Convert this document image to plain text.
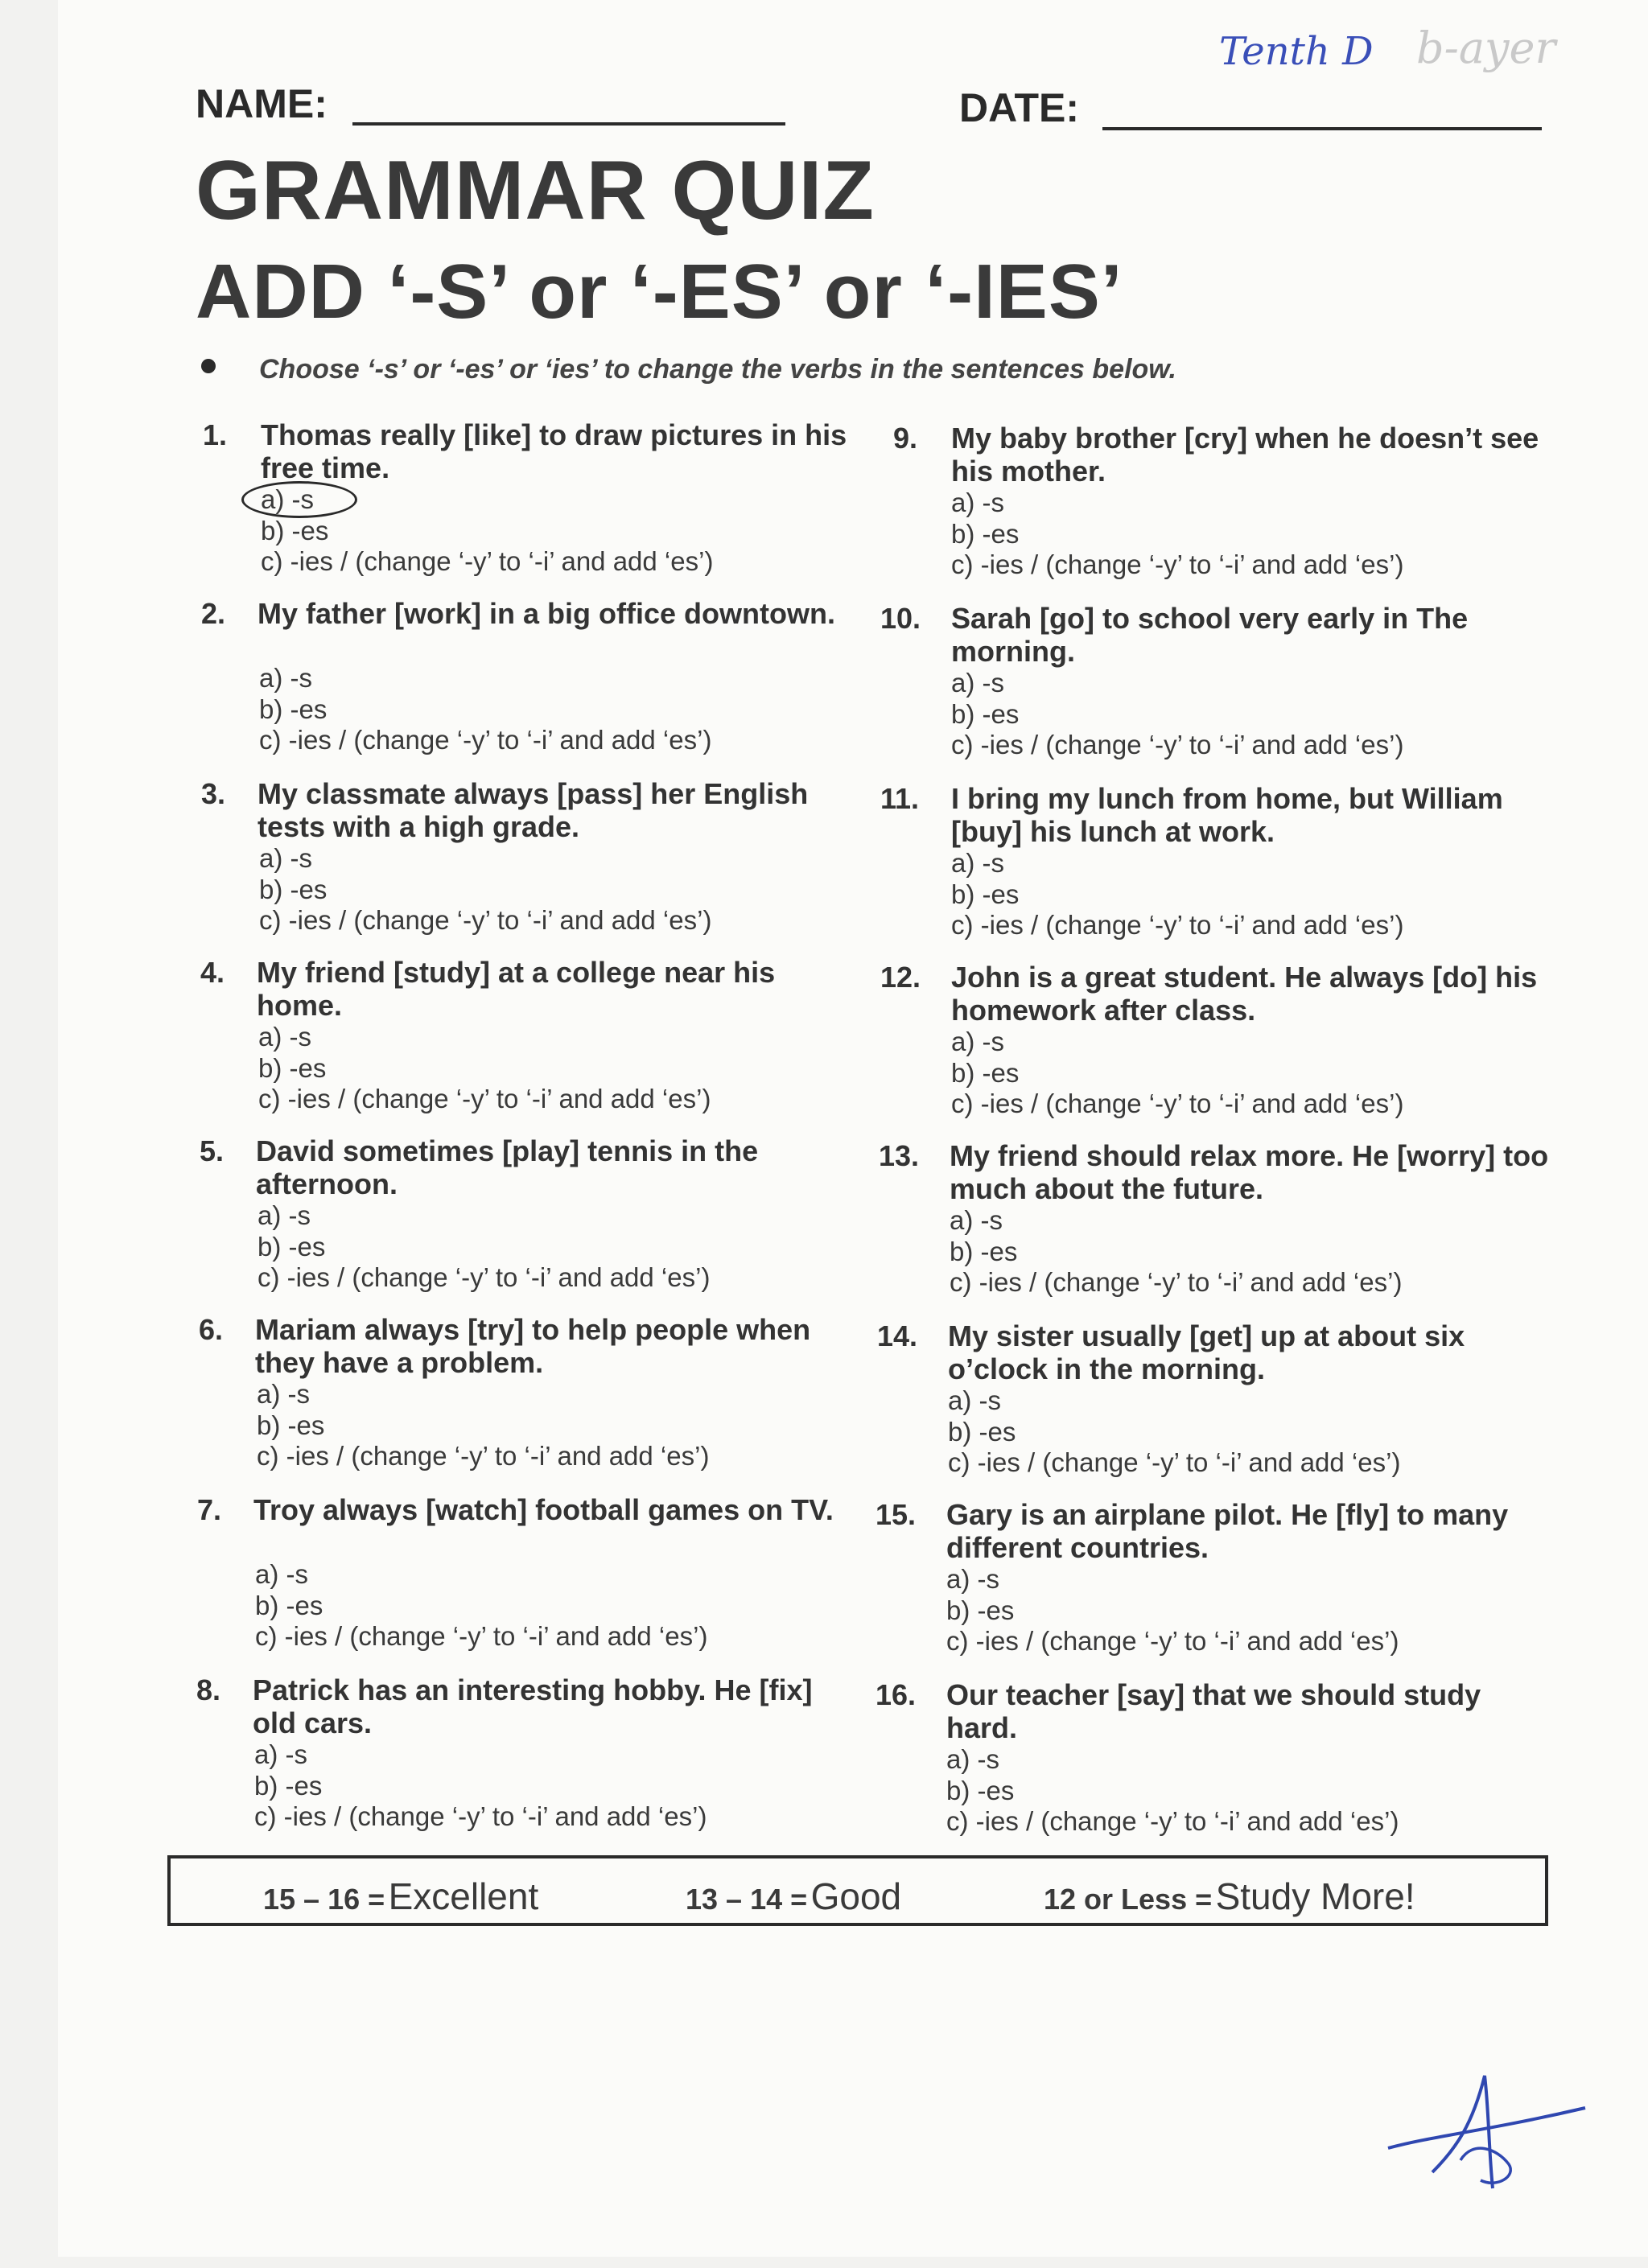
Tenth D b-ayer
NAME:	DATE:
GRAMMAR QUIZ
ADD ‘-S’ or ‘-ES’ or ‘-IES’
Choose ‘-s’ or ‘-es’ or ‘ies’ to change the verbs in the sentences below.
1. Thomas really [like] to draw pictures in his free time.
a) -s
b) -es
c) -ies / (change ‘-y’ to ‘-i’ and add ‘es’)
2. My father [work] in a big office downtown.
a) -s
b) -es
c) -ies / (change ‘-y’ to ‘-i’ and add ‘es’)
3. My classmate always [pass] her English tests with a high grade.
a) -s
b) -es
c) -ies / (change ‘-y’ to ‘-i’ and add ‘es’)
4. My friend [study] at a college near his home.
a) -s
b) -es
c) -ies / (change ‘-y’ to ‘-i’ and add ‘es’)
5. David sometimes [play] tennis in the afternoon.
a) -s
b) -es
c) -ies / (change ‘-y’ to ‘-i’ and add ‘es’)
6. Mariam always [try] to help people when they have a problem.
a) -s
b) -es
c) -ies / (change ‘-y’ to ‘-i’ and add ‘es’)
7. Troy always [watch] football games on TV.
a) -s
b) -es
c) -ies / (change ‘-y’ to ‘-i’ and add ‘es’)
8. Patrick has an interesting hobby. He [fix] old cars.
a) -s
b) -es
c) -ies / (change ‘-y’ to ‘-i’ and add ‘es’)
9. My baby brother [cry] when he doesn’t see his mother.
a) -s
b) -es
c) -ies / (change ‘-y’ to ‘-i’ and add ‘es’)
10. Sarah [go] to school very early in The morning.
a) -s
b) -es
c) -ies / (change ‘-y’ to ‘-i’ and add ‘es’)
11. I bring my lunch from home, but William [buy] his lunch at work.
a) -s
b) -es
c) -ies / (change ‘-y’ to ‘-i’ and add ‘es’)
12. John is a great student. He always [do] his homework after class.
a) -s
b) -es
c) -ies / (change ‘-y’ to ‘-i’ and add ‘es’)
13. My friend should relax more. He [worry] too much about the future.
a) -s
b) -es
c) -ies / (change ‘-y’ to ‘-i’ and add ‘es’)
14. My sister usually [get] up at about six o’clock in the morning.
a) -s
b) -es
c) -ies / (change ‘-y’ to ‘-i’ and add ‘es’)
15. Gary is an airplane pilot. He [fly] to many different countries.
a) -s
b) -es
c) -ies / (change ‘-y’ to ‘-i’ and add ‘es’)
16. Our teacher [say] that we should study hard.
a) -s
b) -es
c) -ies / (change ‘-y’ to ‘-i’ and add ‘es’)
15 – 16 = Excellent	13 – 14 = Good	12 or Less = Study More!
